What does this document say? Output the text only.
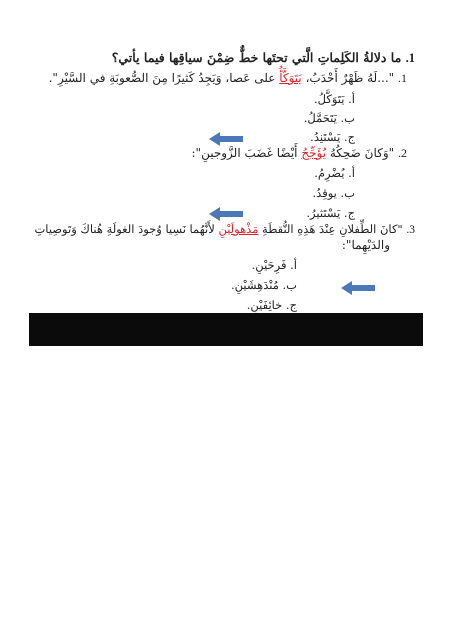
1. ما دلالةُ الكَلِماتِ الَّتي تحتَها خطٌّ ضِمْنَ سياقِها فيما يأتي؟
1. "...لَهُ ظَهْرٌ أَحْدَبُ، يَتَوَكَّأُ على عَصا، وَيَجِدُ كَثيرًا مِنَ الصُّعوبَةِ في السَّيْرِ".
أ. يَتَوَكَّلُ.
ب. يَتَحَمَّلُ.
ج. يَسْتَنِدُ.
2. "وَكانَ ضَحِكُهُ يُؤَجِّجُ أَيْضًا غَضَبَ الزَّوجينِ":
أ. يُضْرِمُ.
ب. يوقِدُ.
ج. يَسْتَثيرُ.
3. "كانَ الطِّفلانِ عِنْدَ هَذِهِ النُّقطَةِ مَذْهولَيْنِ لأَنَّهُما نَسِيا وُجودَ الغولَةِ هُناكَ وَتَوصِياتِ
والدَيْهِما":
أ. فَرِحَيْنِ.
ب. مُنْدَهِشَيْنِ.
ج. خائِفَيْنِ.
